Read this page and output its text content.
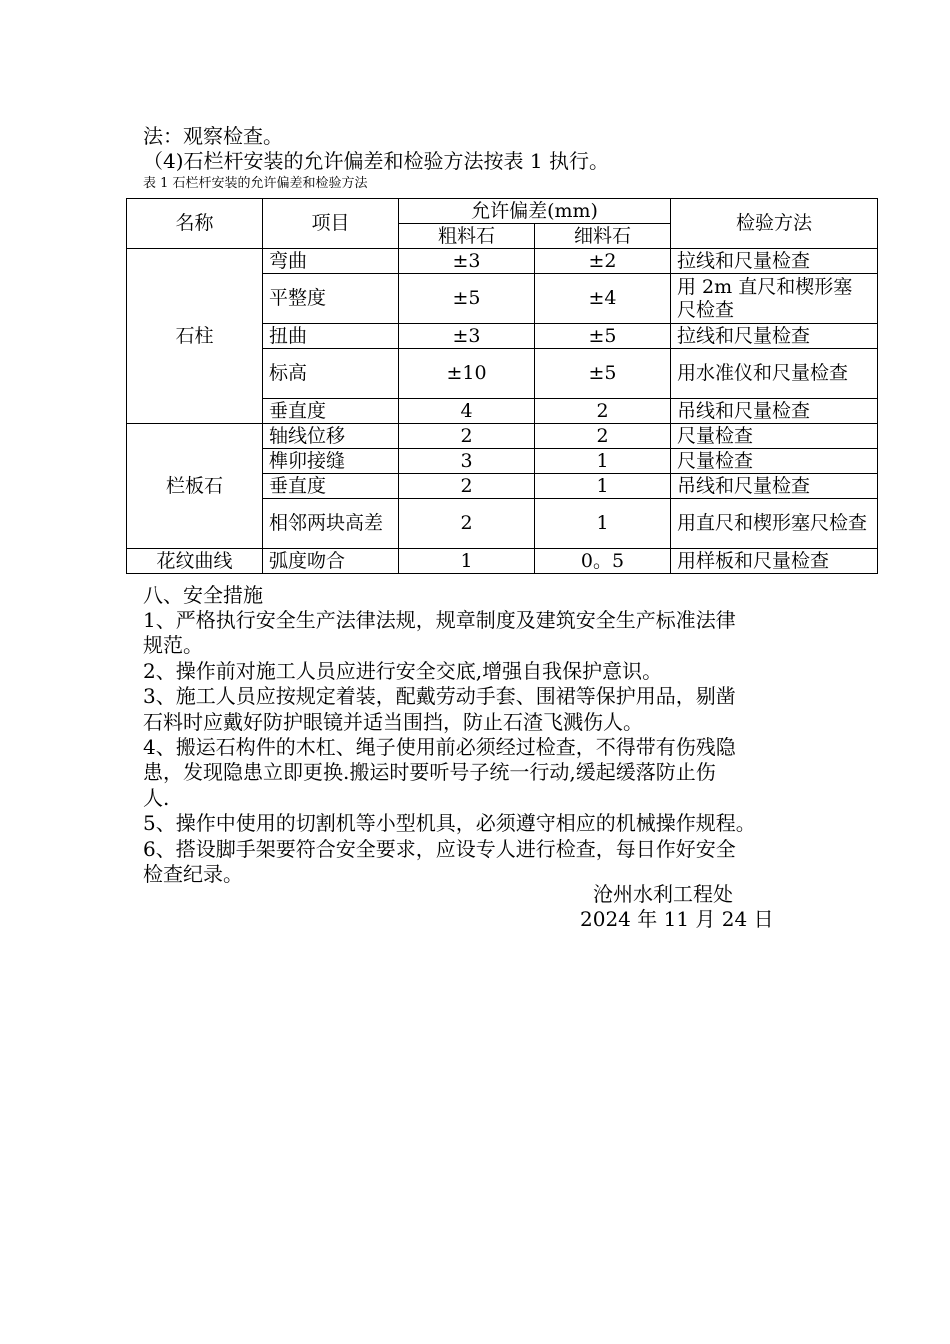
法：观察检查。
（4)石栏杆安装的允许偏差和检验方法按表 1 执行。
表 1 石栏杆安装的允许偏差和检验方法
名称	项目	允许偏差(mm)		检验方法
		粗料石	细料石	
石柱	弯曲	±3	±2	拉线和尺量检查
	平整度	±5	±4	用 2m 直尺和楔形塞尺检查
	扭曲	±3	±5	拉线和尺量检查
	标高	±10	±5	用水准仪和尺量检查
	垂直度	4	2	吊线和尺量检查
栏板石	轴线位移	2	2	尺量检查
	榫卯接缝	3	1	尺量检查
	垂直度	2	1	吊线和尺量检查
	相邻两块高差	2	1	用直尺和楔形塞尺检查
花纹曲线	弧度吻合	1	0。5	用样板和尺量检查
八、安全措施
1、严格执行安全生产法律法规，规章制度及建筑安全生产标准法律
规范。
2、操作前对施工人员应进行安全交底,增强自我保护意识。
3、施工人员应按规定着装，配戴劳动手套、围裙等保护用品，剔凿
石料时应戴好防护眼镜并适当围挡，防止石渣飞溅伤人。
4、搬运石构件的木杠、绳子使用前必须经过检查，不得带有伤残隐
患，发现隐患立即更换.搬运时要听号子统一行动,缓起缓落防止伤
人.
5、操作中使用的切割机等小型机具，必须遵守相应的机械操作规程。
6、搭设脚手架要符合安全要求，应设专人进行检查，每日作好安全
检查纪录。
沧州水利工程处
2024 年 11 月 24 日
